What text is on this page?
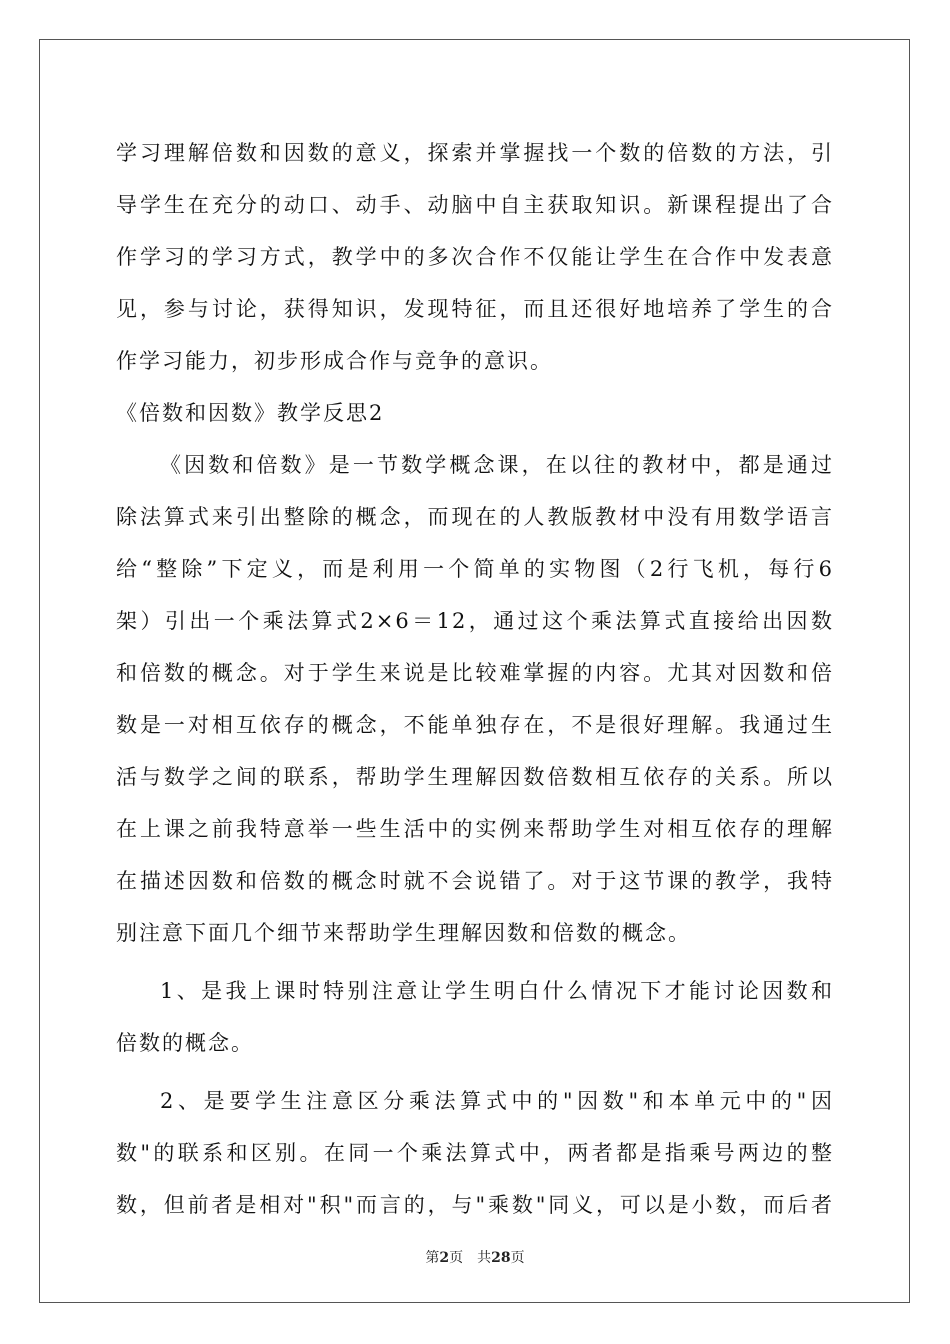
学习理解倍数和因数的意义，探索并掌握找一个数的倍数的方法，引
导学生在充分的动口、动手、动脑中自主获取知识。新课程提出了合
作学习的学习方式，教学中的多次合作不仅能让学生在合作中发表意
见，参与讨论，获得知识，发现特征，而且还很好地培养了学生的合
作学习能力，初步形成合作与竞争的意识。
《倍数和因数》教学反思2
《因数和倍数》是一节数学概念课，在以往的教材中，都是通过
除法算式来引出整除的概念，而现在的人教版教材中没有用数学语言
给“整除”下定义，而是利用一个简单的实物图（2行飞机，每行6
架）引出一个乘法算式2×6＝12，通过这个乘法算式直接给出因数
和倍数的概念。对于学生来说是比较难掌握的内容。尤其对因数和倍
数是一对相互依存的概念，不能单独存在，不是很好理解。我通过生
活与数学之间的联系，帮助学生理解因数倍数相互依存的关系。所以
在上课之前我特意举一些生活中的实例来帮助学生对相互依存的理解
在描述因数和倍数的概念时就不会说错了。对于这节课的教学，我特
别注意下面几个细节来帮助学生理解因数和倍数的概念。
1、是我上课时特别注意让学生明白什么情况下才能讨论因数和
倍数的概念。
2、是要学生注意区分乘法算式中的"因数"和本单元中的"因
数"的联系和区别。在同一个乘法算式中，两者都是指乘号两边的整
数，但前者是相对"积"而言的，与"乘数"同义，可以是小数，而后者
第2页 共28页
